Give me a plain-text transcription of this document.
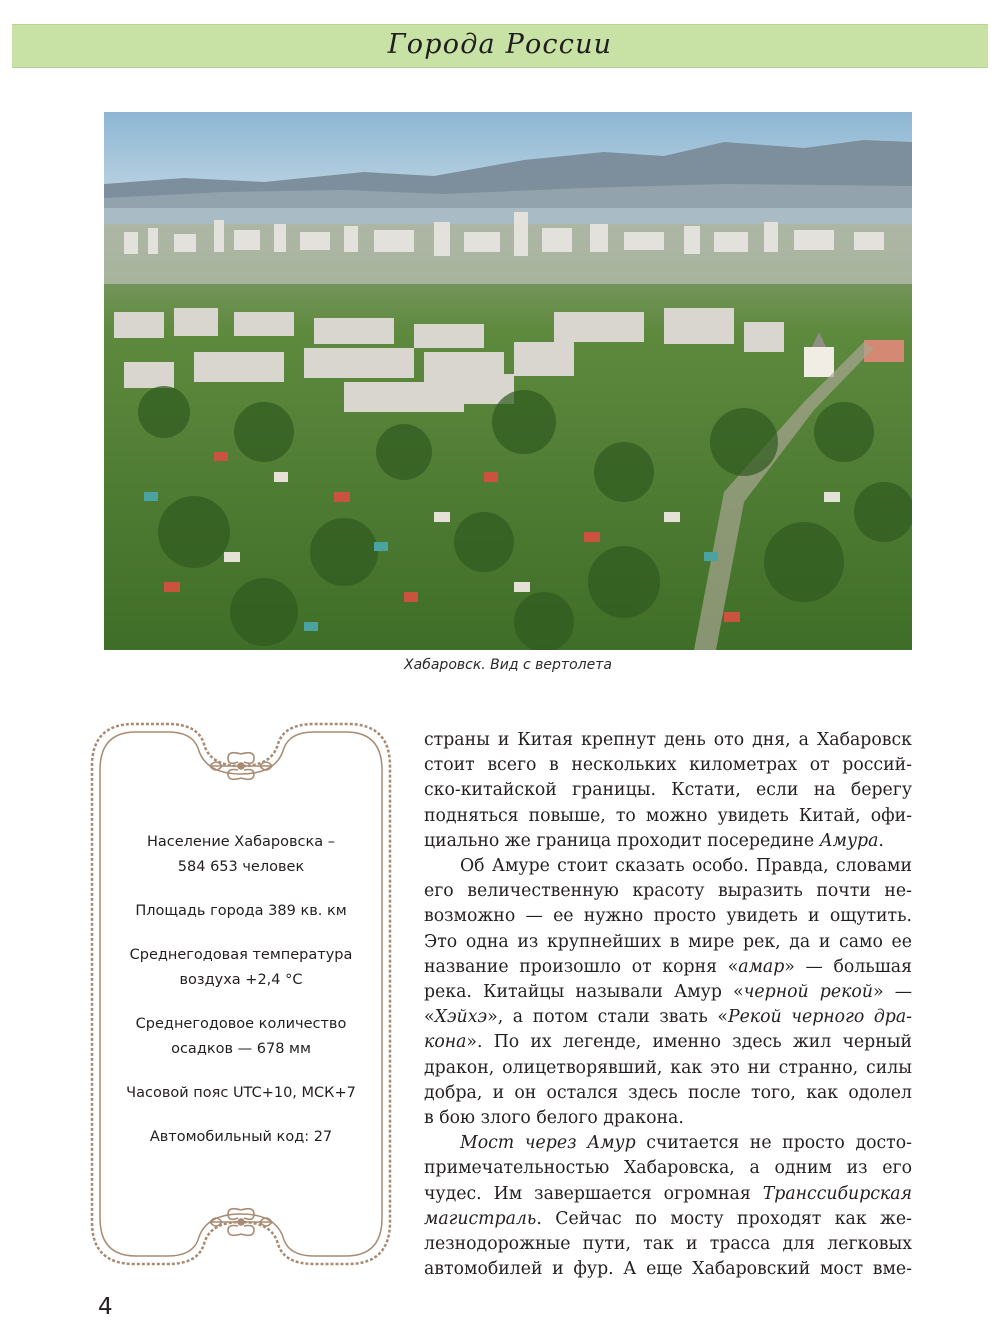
Города России
Хабаровск. Вид с вертолета
Население Хабаровска –
584 653 человек
Площадь города 389 кв. км
Среднегодовая температура
воздуха +2,4 °С
Среднегодовое количество
осадков — 678 мм
Часовой пояс UTC+10, МСК+7
Автомобильный код: 27
страны и Китая крепнут день ото дня, а Хабаровск
стоит всего в нескольких километрах от россий-
ско-китайской границы. Кстати, если на берегу
подняться повыше, то можно увидеть Китай, офи-
циально же граница проходит посередине Амура.
Об Амуре стоит сказать особо. Правда, словами
его величественную красоту выразить почти не-
возможно — ее нужно просто увидеть и ощутить.
Это одна из крупнейших в мире рек, да и само ее
название произошло от корня «амар» — большая
река. Китайцы называли Амур «черной рекой» —
«Хэйхэ», а потом стали звать «Рекой черного дра-
кона». По их легенде, именно здесь жил черный
дракон, олицетворявший, как это ни странно, силы
добра, и он остался здесь после того, как одолел
в бою злого белого дракона.
Мост через Амур считается не просто досто-
примечательностью Хабаровска, а одним из его
чудес. Им завершается огромная Транссибирская
магистраль. Сейчас по мосту проходят как же-
лезнодорожные пути, так и трасса для легковых
автомобилей и фур. А еще Хабаровский мост вме-
4
